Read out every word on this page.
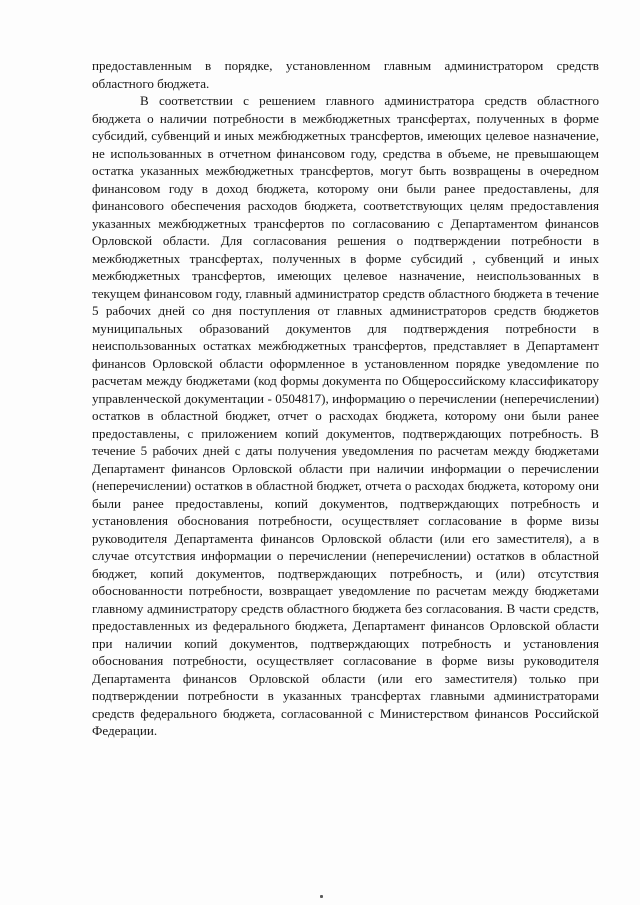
предоставленным в порядке, установленном главным администратором средств областного бюджета.

В соответствии с решением главного администратора средств областного бюджета о наличии потребности в межбюджетных трансфертах, полученных в форме субсидий, субвенций и иных межбюджетных трансфертов, имеющих целевое назначение, не использованных в отчетном финансовом году, средства в объеме, не превышающем остатка указанных межбюджетных трансфертов, могут быть возвращены в очередном финансовом году в доход бюджета, которому они были ранее предоставлены, для финансового обеспечения расходов бюджета, соответствующих целям предоставления указанных межбюджетных трансфертов по согласованию с Департаментом финансов Орловской области. Для согласования решения о подтверждении потребности в межбюджетных трансфертах, полученных в форме субсидий , субвенций и иных межбюджетных трансфертов, имеющих целевое назначение, неиспользованных в текущем финансовом году, главный администратор средств областного бюджета в течение 5 рабочих дней со дня поступления от главных администраторов средств бюджетов муниципальных образований документов для подтверждения потребности в неиспользованных остатках межбюджетных трансфертов, представляет в Департамент финансов Орловской области оформленное в установленном порядке уведомление по расчетам между бюджетами (код формы документа по Общероссийскому классификатору управленческой документации - 0504817), информацию о перечислении (неперечислении) остатков в областной бюджет, отчет о расходах бюджета, которому они были ранее предоставлены, с приложением копий документов, подтверждающих потребность. В течение 5 рабочих дней с даты получения уведомления по расчетам между бюджетами Департамент финансов Орловской области при наличии информации о перечислении (неперечислении) остатков в областной бюджет, отчета о расходах бюджета, которому они были ранее предоставлены, копий документов, подтверждающих потребность и установления обоснования потребности, осуществляет согласование в форме визы руководителя Департамента финансов Орловской области (или его заместителя), а в случае отсутствия информации о перечислении (неперечислении) остатков в областной бюджет, копий документов, подтверждающих потребность, и (или) отсутствия обоснованности потребности, возвращает уведомление по расчетам между бюджетами главному администратору средств областного бюджета без согласования. В части средств, предоставленных из федерального бюджета, Департамент финансов Орловской области при наличии копий документов, подтверждающих потребность и установления обоснования потребности, осуществляет согласование в форме визы руководителя Департамента финансов Орловской области (или его заместителя) только при подтверждении потребности в указанных трансфертах главными администраторами средств федерального бюджета, согласованной с Министерством финансов Российской Федерации.
